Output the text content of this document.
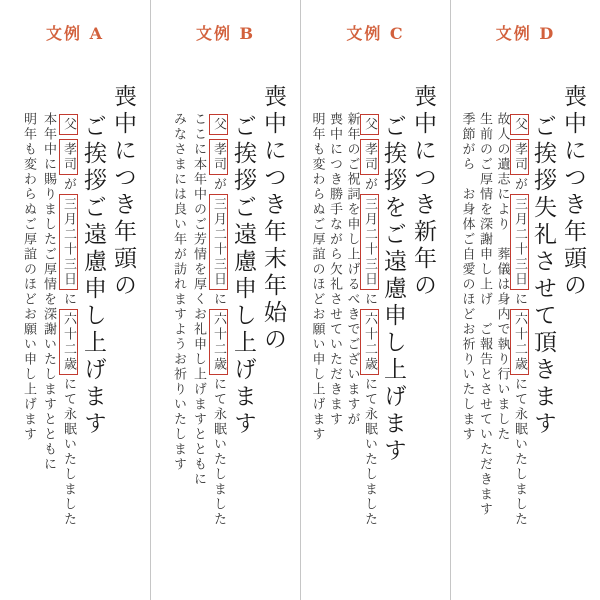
文例 A
喪中につき年頭の
ご挨拶ご遠慮申し上げます
父孝司が三月二十三日に六十二歳にて永眠いたしました
本年中に賜りましたご厚情を深謝いたしますとともに
明年も変わらぬご厚誼のほどお願い申し上げます
文例 B
喪中につき年末年始の
ご挨拶ご遠慮申し上げます
父孝司が三月二十三日に六十二歳にて永眠いたしました
ここに本年中のご芳情を厚くお礼申し上げますとともに
みなさまには良い年が訪れますようお祈りいたします
文例 C
喪中につき新年の
ご挨拶をご遠慮申し上げます
父孝司が三月二十三日に六十二歳にて永眠いたしました
新年のご祝詞を申し上げるべきでございますが
喪中につき勝手ながら欠礼させていただきます
明年も変わらぬご厚誼のほどお願い申し上げます
文例 D
喪中につき年頭の
ご挨拶失礼させて頂きます
父孝司が三月二十三日に六十二歳にて永眠いたしました
故人の遺志により　葬儀は身内で執り行いました
生前のご厚情を深謝申し上げ　ご報告とさせていただきます
季節がら　お身体ご自愛のほどお祈りいたします
